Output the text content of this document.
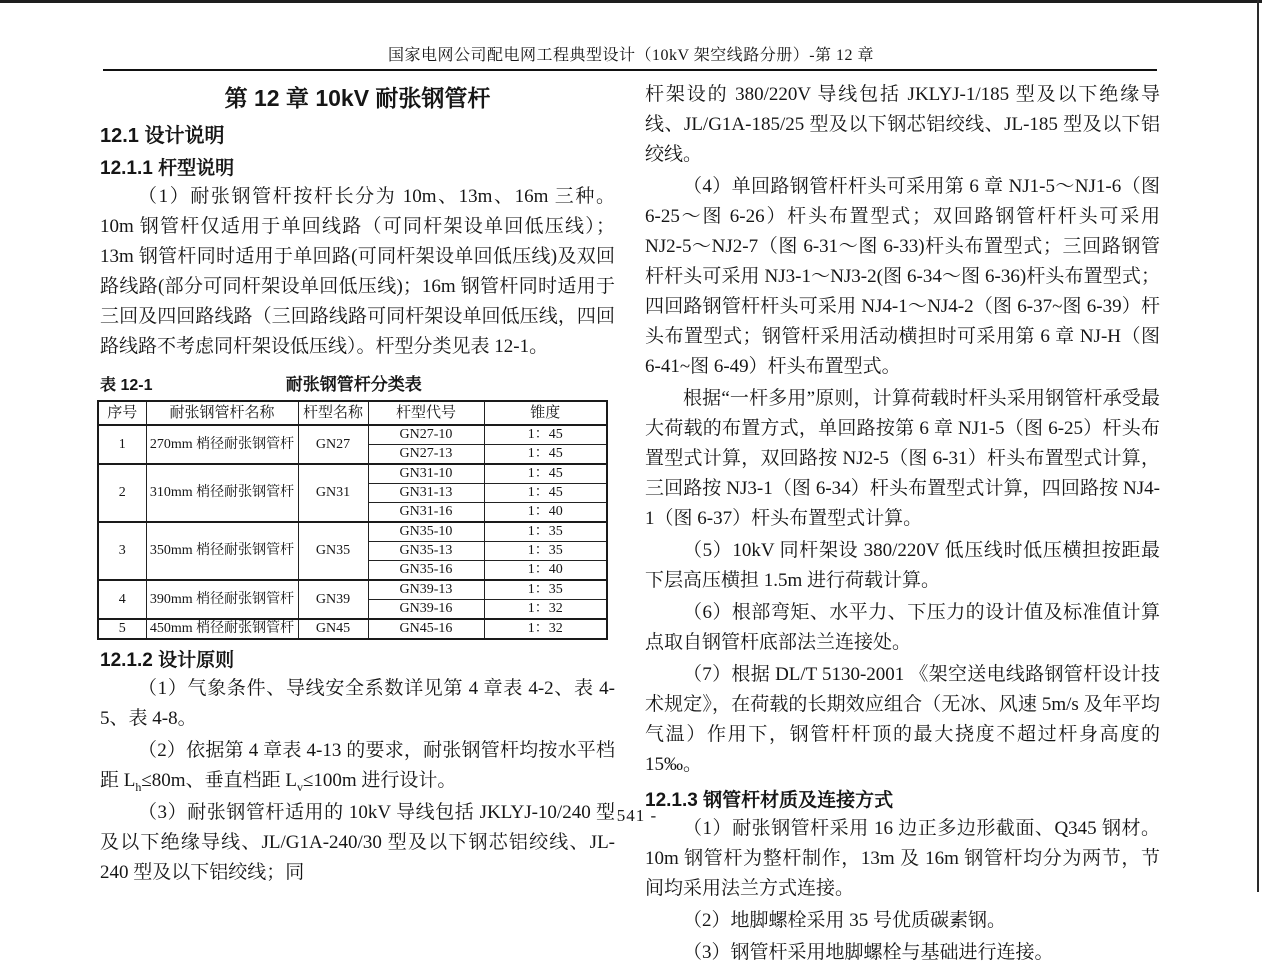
国家电网公司配电网工程典型设计（10kV 架空线路分册）-第 12 章
第 12 章 10kV 耐张钢管杆
12.1 设计说明
12.1.1 杆型说明

（1）耐张钢管杆按杆长分为 10m、13m、16m 三种。10m 钢管杆仅适用于单回线路（可同杆架设单回低压线）；13m 钢管杆同时适用于单回路(可同杆架设单回低压线)及双回路线路(部分可同杆架设单回低压线)；16m 钢管杆同时适用于三回及四回路线路（三回路线路可同杆架设单回低压线，四回路线路不考虑同杆架设低压线）。杆型分类见表 12-1。

表 12-1	耐张钢管杆分类表
序号	耐张钢管杆名称	杆型名称	杆型代号	锥度
1	270mm 梢径耐张钢管杆	GN27	GN27-10	1：45
			GN27-13	1：45
2	310mm 梢径耐张钢管杆	GN31	GN31-10	1：45
			GN31-13	1：45
			GN31-16	1：40
3	350mm 梢径耐张钢管杆	GN35	GN35-10	1：35
			GN35-13	1：35
			GN35-16	1：40
4	390mm 梢径耐张钢管杆	GN39	GN39-13	1：35
			GN39-16	1：32
5	450mm 梢径耐张钢管杆	GN45	GN45-16	1：32
12.1.2 设计原则

（1）气象条件、导线安全系数详见第 4 章表 4-2、表 4-5、表 4-8。

（2）依据第 4 章表 4-13 的要求，耐张钢管杆均按水平档距 $L_h\le 80m$、垂直档距 $L_v\le 100m$ 进行设计。

（3）耐张钢管杆适用的 10kV 导线包括 JKLYJ-10/240 型及以下绝缘导线、JL/G1A-240/30 型及以下钢芯铝绞线、JL-240 型及以下铝绞线；同

杆架设的 380/220V 导线包括 JKLYJ-1/185 型及以下绝缘导线、JL/G1A-185/25 型及以下钢芯铝绞线、JL-185 型及以下铝绞线。

（4）单回路钢管杆杆头可采用第 6 章 NJ1-5～NJ1-6（图 6-25～图 6-26）杆头布置型式；双回路钢管杆杆头可采用 NJ2-5～NJ2-7（图 6-31～图 6-33)杆头布置型式；三回路钢管杆杆头可采用 NJ3-1～NJ3-2(图 6-34～图 6-36)杆头布置型式；四回路钢管杆杆头可采用 NJ4-1～NJ4-2（图 6-37~图 6-39）杆头布置型式；钢管杆采用活动横担时可采用第 6 章 NJ-H（图 6-41~图 6-49）杆头布置型式。

根据“一杆多用”原则，计算荷载时杆头采用钢管杆承受最大荷载的布置方式，单回路按第 6 章 NJ1-5（图 6-25）杆头布置型式计算，双回路按 NJ2-5（图 6-31）杆头布置型式计算，三回路按 NJ3-1（图 6-34）杆头布置型式计算，四回路按 NJ4-1（图 6-37）杆头布置型式计算。

（5）10kV 同杆架设 380/220V 低压线时低压横担按距最下层高压横担 1.5m 进行荷载计算。

（6）根部弯矩、水平力、下压力的设计值及标准值计算点取自钢管杆底部法兰连接处。

（7）根据 DL/T 5130-2001 《架空送电线路钢管杆设计技术规定》，在荷载的长期效应组合（无冰、风速 5m/s 及年平均气温）作用下，钢管杆杆顶的最大挠度不超过杆身高度的 15‰。

12.1.3 钢管杆材质及连接方式

（1）耐张钢管杆采用 16 边正多边形截面、Q345 钢材。10m 钢管杆为整杆制作，13m 及 16m 钢管杆均分为两节，节间均采用法兰方式连接。

（2）地脚螺栓采用 35 号优质碳素钢。

（3）钢管杆采用地脚螺栓与基础进行连接。

- 541 -
